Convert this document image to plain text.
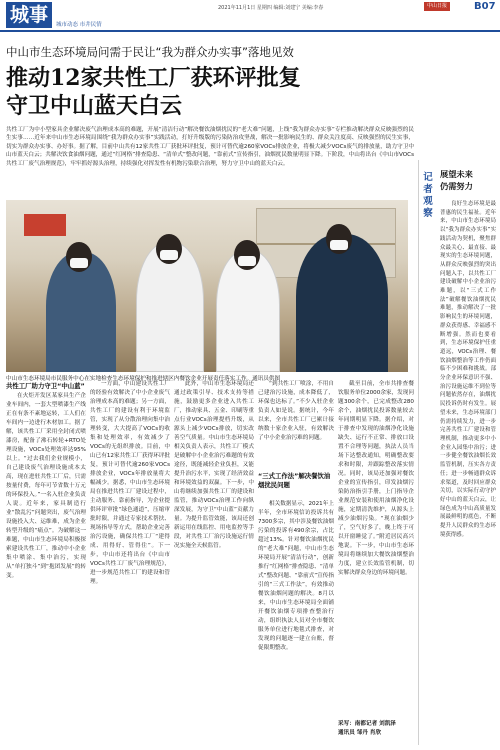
城事	城市动态 市井民情
2021年11月1日 星期四 编辑:刘建宁 美编:李春	中山日报	B07
中山市生态环境局问需于民让“我为群众办实事”落地见效
推动12家共性工厂获环评批复
守卫中山蓝天白云
共性工厂为中小型家具企业解决废气治理成本高的难题，开展“清洁行动”解决餐饮油烟扰民的“老大难”问题，上线“我为群众办实事”专栏推动解决群众反映强烈的民生实事……近年来中山市生态环境局围绕“我为群众办实事”实践活动，打好升级版的污染防治攻坚战，解决一批影响民生的、群众关注度高、反映强烈的民生实事，切实为群众办实事、办好事。据了解，目前中山共有12家共性工厂获批环评批复，预计可替代逾260家VOCs排放企业，将极大减少VOCs废气的排放量，助力守卫中山市蓝天白云；共解决饮食油烟问题，通过“红网格”排查隐患、“清单式”整改问题，“靠前式”宣传指引，油烟扰民数量明显下降。下阶段，中山将出台《中山市VOCs共性工厂废气治理规范》，牢牢抓好源头治理，持续强化对挥发性有机物污染联合治理，努力守卫中山的蓝天白云。
中山市生态环境局市民服务中心在实地检查生态环境保护和推进辖区内餐饮企业开展责任落实工作。通讯员供图
共性工厂助力守卫“中山蓝”
在火炬开发区某家具生产企业车间内，一套大型喷漆生产线正在有条不紊地运转，工人们在车间内一边进行木材加工。据了解，该共性工厂采用全封闭式喷漆房，配备了沸石转轮+RTO处理设施，VOCs处理效率达95%以上。“过去我们企业规模小，自己建设废气治理设施成本太高，现在进驻共性工厂后，只需按量付费，每年可节省数十万元的环保投入。”一名入驻企业负责人说。近年来，家具制造行业“散乱污”问题突出，废气治理设施投入大、运维难，成为企业转型升级的“痛点”。为破解这一难题，中山市生态环境局积极探索建设共性工厂，推动中小企业集中喷涂、集中治污，实现从“单打独斗”到“抱团发展”的转变。
一方面，中山建设共性工厂的经验有效解决了中小企业废气治理成本高的难题；另一方面，共性工厂的建设有利于环境监管，实现了从分散治理向集中治理转变，大大提高了VOCs的收集和处理效率，有效减少了VOCs的无组织排放。目前，中山已有12家共性工厂获得环评批复，预计可替代逾260家VOCs排放企业，VOCs年排放量将大幅减少。据悉，中山市生态环境局在推进共性工厂建设过程中，主动服务、靠前指导，为企业提供环评审批“绿色通道”，压缩审批时限，并通过专家技术帮扶、现场指导等方式，帮助企业完善治污设施，确保共性工厂“建得成、用得好、管得住”。下一步，中山市还将出台《中山市VOCs共性工厂废气治理规范》，进一步规范共性工厂的建设和管理。
此外，中山市生态环境局还通过政策引导、技术支持等措施，鼓励更多企业进入共性工厂，推动家具、五金、印刷等重点行业VOCs治理提档升级，从源头上减少VOCs排放，切实改善空气质量。中山市生态环境局相关负责人表示，共性工厂模式是破解中小企业治污难题的有效途径，既能减轻企业负担，又能提升治污水平，实现了经济效益和环境效益的双赢。下一步，中山将继续加强共性工厂的建设和监管，推动VOCs治理工作向纵深发展，为守卫“中山蓝”贡献力量。为提升监管效能，该局还创新运用在线监控、用电监控等手段，对共性工厂治污设施运行情况实施全天候监管。
“到共性工厂喷涂，不用自己建治污设施，成本降低了，环保也达标了。”不少入驻企业负责人如是说。据统计，今年以来，全市共性工厂已累计接纳数十家企业入驻，有效解决了中小企业治污难的问题。
“三式工作法”解决餐饮油烟扰民问题
相关数据显示，2021年上半年，全市环境信访投诉共有7300多宗，其中涉及餐饮油烟污染的投诉有490余宗，占比超过13%。针对餐饮油烟扰民的“老大难”问题，中山市生态环境局开展“清洁行动”，创新推行“红网格”排查隐患、“清单式”整改问题、“靠前式”宣传指引的“三式工作法”，有效推动餐饮油烟问题的解决。8月以来，中山市生态环境局全面铺开餐饮油烟专项排查整治行动，组织执法人员对全市餐饮服务单位进行地毯式排查，对发现的问题逐一建立台账，督促限期整改。
截至目前，全市共排查餐饮服务单位2000余家，发现问题300余个，已完成整改280余个，油烟扰民投诉数量较去年同期明显下降。据介绍，对于排查中发现的油烟净化设施缺失、运行不正常、排放口设置不合理等问题，执法人员当场下达整改通知，明确整改要求和时限，并跟踪整改落实情况。同时，该局还加强对餐饮企业的宣传指引，印发油烟污染防治指引手册，上门指导企业规范安装和使用油烟净化设施，定期清洗维护，从源头上减少油烟污染。“现在油烟少了，空气好多了，晚上终于可以开窗睡觉了。”附近居民高兴地说。下一步，中山市生态环境局将继续加大餐饮油烟整治力度，建立长效监管机制，切实解决群众身边的环境问题。
采写：南都记者 刘凯泽
通讯员 邹丹 肖欣
记者观察
展望未来
仍需努力
良好生态环境是最普惠的民生福祉。近年来，中山市生态环境局以“我为群众办实事”实践活动为契机，聚焦群众最关心、最直接、最现实的生态环境问题，从群众反映强烈的突出问题入手，以共性工厂建设破解中小企业治污难题，以“三式工作法”破解餐饮油烟扰民难题，推动解决了一批影响民生的环境问题，群众获得感、幸福感不断增强。然而也要看到，生态环境保护任重道远，VOCs治理、餐饮油烟整治等工作仍面临不少困难和挑战。部分企业环保意识不强、治污设施运维不到位等问题依然存在，油烟扰民投诉仍时有发生。展望未来，生态环境部门仍需持续发力，进一步完善共性工厂建设和管理机制，推动更多中小企业入园集中治污；进一步健全餐饮油烟长效监管机制，压实各方责任；进一步畅通群众诉求渠道，及时回应群众关切，以实际行动守护好中山的蓝天白云，让绿色成为中山高质量发展最鲜明的底色，不断提升人民群众的生态环境获得感。
